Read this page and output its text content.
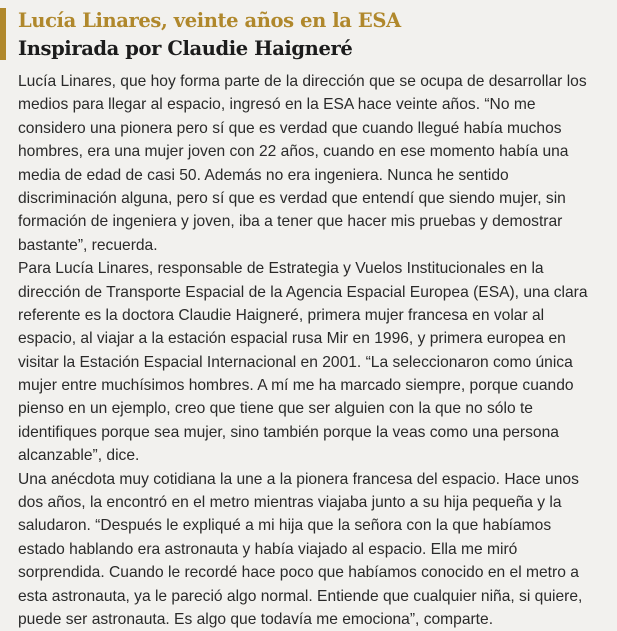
Lucía Linares, veinte años en la ESA
Inspirada por Claudie Haigneré

Lucía Linares, que hoy forma parte de la dirección que se ocupa de desarrollar los
medios para llegar al espacio, ingresó en la ESA hace veinte años. “No me
considero una pionera pero sí que es verdad que cuando llegué había muchos
hombres, era una mujer joven con 22 años, cuando en ese momento había una
media de edad de casi 50. Además no era ingeniera. Nunca he sentido
discriminación alguna, pero sí que es verdad que entendí que siendo mujer, sin
formación de ingeniera y joven, iba a tener que hacer mis pruebas y demostrar
bastante”, recuerda.

Para Lucía Linares, responsable de Estrategia y Vuelos Institucionales en la
dirección de Transporte Espacial de la Agencia Espacial Europea (ESA), una clara
referente es la doctora Claudie Haigneré, primera mujer francesa en volar al
espacio, al viajar a la estación espacial rusa Mir en 1996, y primera europea en
visitar la Estación Espacial Internacional en 2001. “La seleccionaron como única
mujer entre muchísimos hombres. A mí me ha marcado siempre, porque cuando
pienso en un ejemplo, creo que tiene que ser alguien con la que no sólo te
identifiques porque sea mujer, sino también porque la veas como una persona
alcanzable”, dice.

Una anécdota muy cotidiana la une a la pionera francesa del espacio. Hace unos
dos años, la encontró en el metro mientras viajaba junto a su hija pequeña y la
saludaron. “Después le expliqué a mi hija que la señora con la que habíamos
estado hablando era astronauta y había viajado al espacio. Ella me miró
sorprendida. Cuando le recordé hace poco que habíamos conocido en el metro a
esta astronauta, ya le pareció algo normal. Entiende que cualquier niña, si quiere,
puede ser astronauta. Es algo que todavía me emociona”, comparte.
